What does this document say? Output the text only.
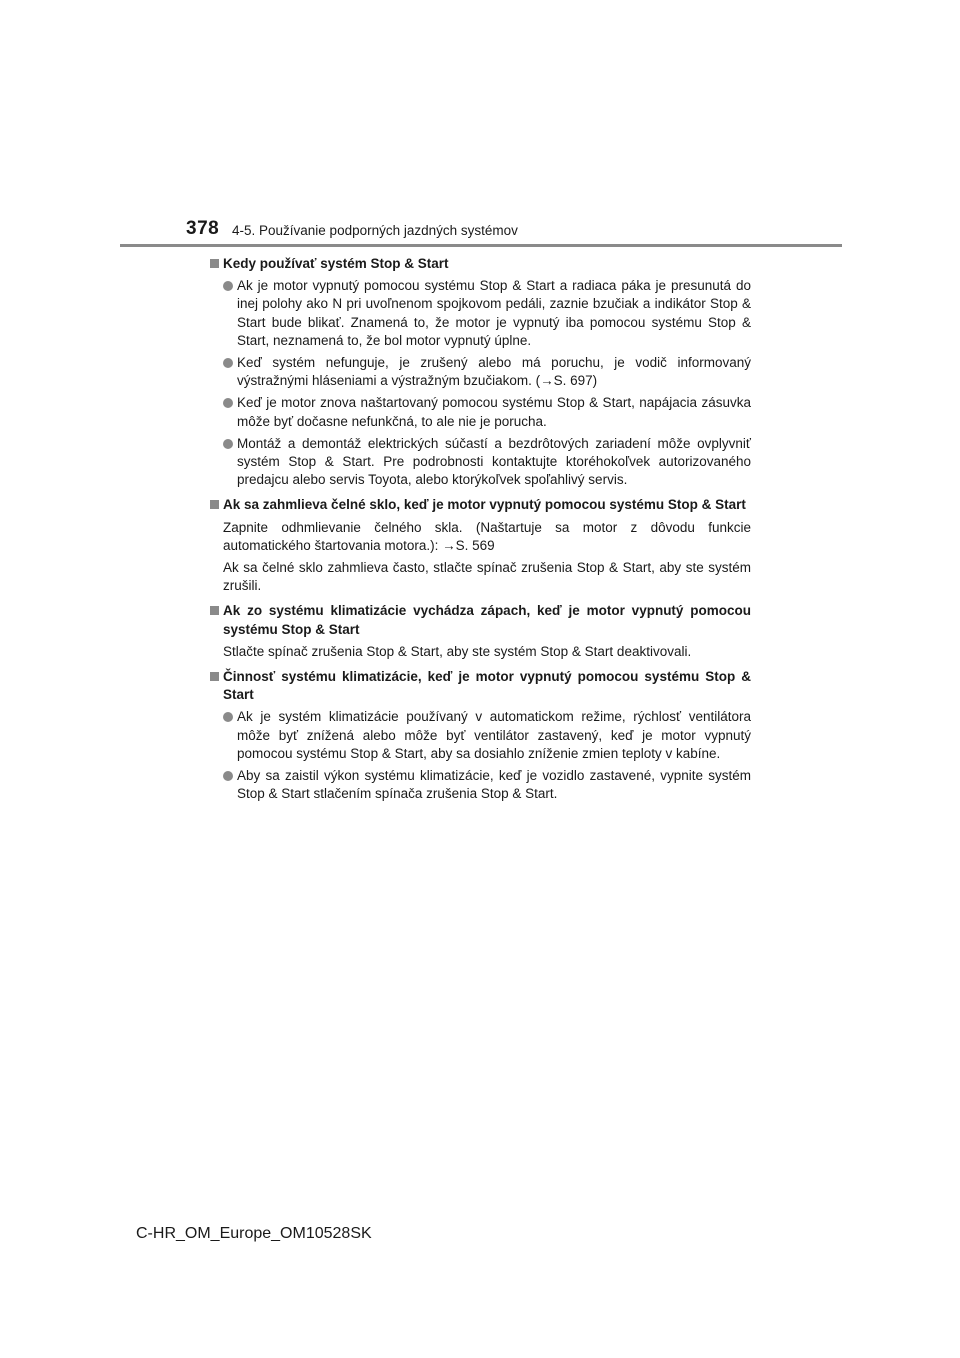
378 4-5. Používanie podporných jazdných systémov
Kedy používať systém Stop & Start
Ak je motor vypnutý pomocou systému Stop & Start a radiaca páka je presunutá do inej polohy ako N pri uvoľnenom spojkovom pedáli, zaznie bzučiak a indikátor Stop & Start bude blikať. Znamená to, že motor je vypnutý iba pomocou systému Stop & Start, neznamená to, že bol motor vypnutý úplne.
Keď systém nefunguje, je zrušený alebo má poruchu, je vodič informovaný výstražnými hláseniami a výstražným bzučiakom. (→S. 697)
Keď je motor znova naštartovaný pomocou systému Stop & Start, napájacia zásuvka môže byť dočasne nefunkčná, to ale nie je porucha.
Montáž a demontáž elektrických súčastí a bezdrôtových zariadení môže ovplyvniť systém Stop & Start. Pre podrobnosti kontaktujte ktoréhokoľvek autorizovaného predajcu alebo servis Toyota, alebo ktorýkoľvek spoľahlivý servis.
Ak sa zahmlieva čelné sklo, keď je motor vypnutý pomocou systému Stop & Start
Zapnite odhmlievanie čelného skla. (Naštartuje sa motor z dôvodu funkcie automatického štartovania motora.): →S. 569
Ak sa čelné sklo zahmlieva často, stlačte spínač zrušenia Stop & Start, aby ste systém zrušili.
Ak zo systému klimatizácie vychádza zápach, keď je motor vypnutý pomocou systému Stop & Start
Stlačte spínač zrušenia Stop & Start, aby ste systém Stop & Start deaktivovali.
Činnosť systému klimatizácie, keď je motor vypnutý pomocou systému Stop & Start
Ak je systém klimatizácie používaný v automatickom režime, rýchlosť ventilátora môže byť znížená alebo môže byť ventilátor zastavený, keď je motor vypnutý pomocou systému Stop & Start, aby sa dosiahlo zníženie zmien teploty v kabíne.
Aby sa zaistil výkon systému klimatizácie, keď je vozidlo zastavené, vypnite systém Stop & Start stlačením spínača zrušenia Stop & Start.
C-HR_OM_Europe_OM10528SK
